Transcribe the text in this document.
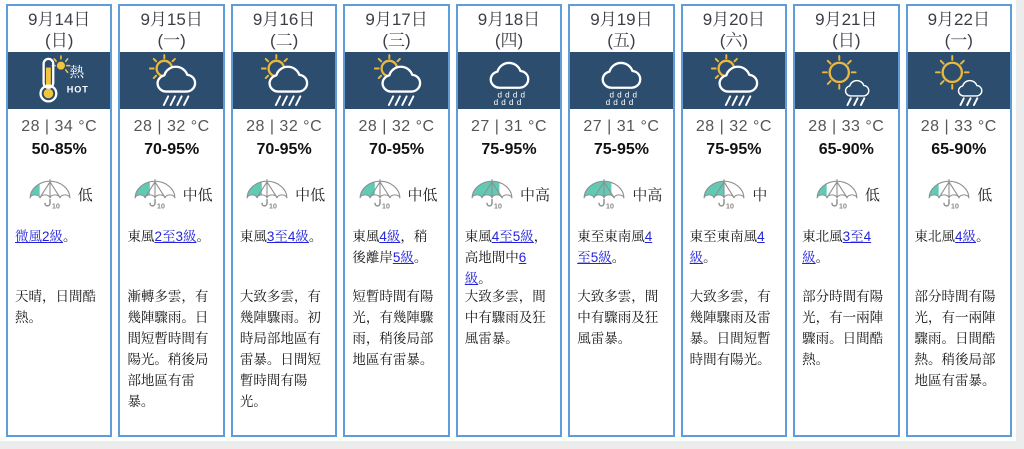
9月14日
(日)
熱
HOT
28 | 34 °C
50-85%
10
低
微風2級。
天晴，日間酷熱。
9月15日
(一)
28 | 32 °C
70-95%
10
中低
東風2至3級。
漸轉多雲，有幾陣驟雨。日間短暫時間有陽光。稍後局部地區有雷暴。
9月16日
(二)
28 | 32 °C
70-95%
10
中低
東風3至4級。
大致多雲，有幾陣驟雨。初時局部地區有雷暴。日間短暫時間有陽光。
9月17日
(三)
28 | 32 °C
70-95%
10
中低
東風4級，稍後離岸5級。
短暫時間有陽光，有幾陣驟雨，稍後局部地區有雷暴。
9月18日
(四)
d d d d
d d d d
27 | 31 °C
75-95%
10
中高
東風4至5級，高地間中6級。
大致多雲，間中有驟雨及狂風雷暴。
9月19日
(五)
d d d d
d d d d
27 | 31 °C
75-95%
10
中高
東至東南風4至5級。
大致多雲，間中有驟雨及狂風雷暴。
9月20日
(六)
28 | 32 °C
75-95%
10
中
東至東南風4級。
大致多雲，有幾陣驟雨及雷暴。日間短暫時間有陽光。
9月21日
(日)
28 | 33 °C
65-90%
10
低
東北風3至4級。
部分時間有陽光，有一兩陣驟雨。日間酷熱。
9月22日
(一)
28 | 33 °C
65-90%
10
低
東北風4級。
部分時間有陽光，有一兩陣驟雨。日間酷熱。稍後局部地區有雷暴。
